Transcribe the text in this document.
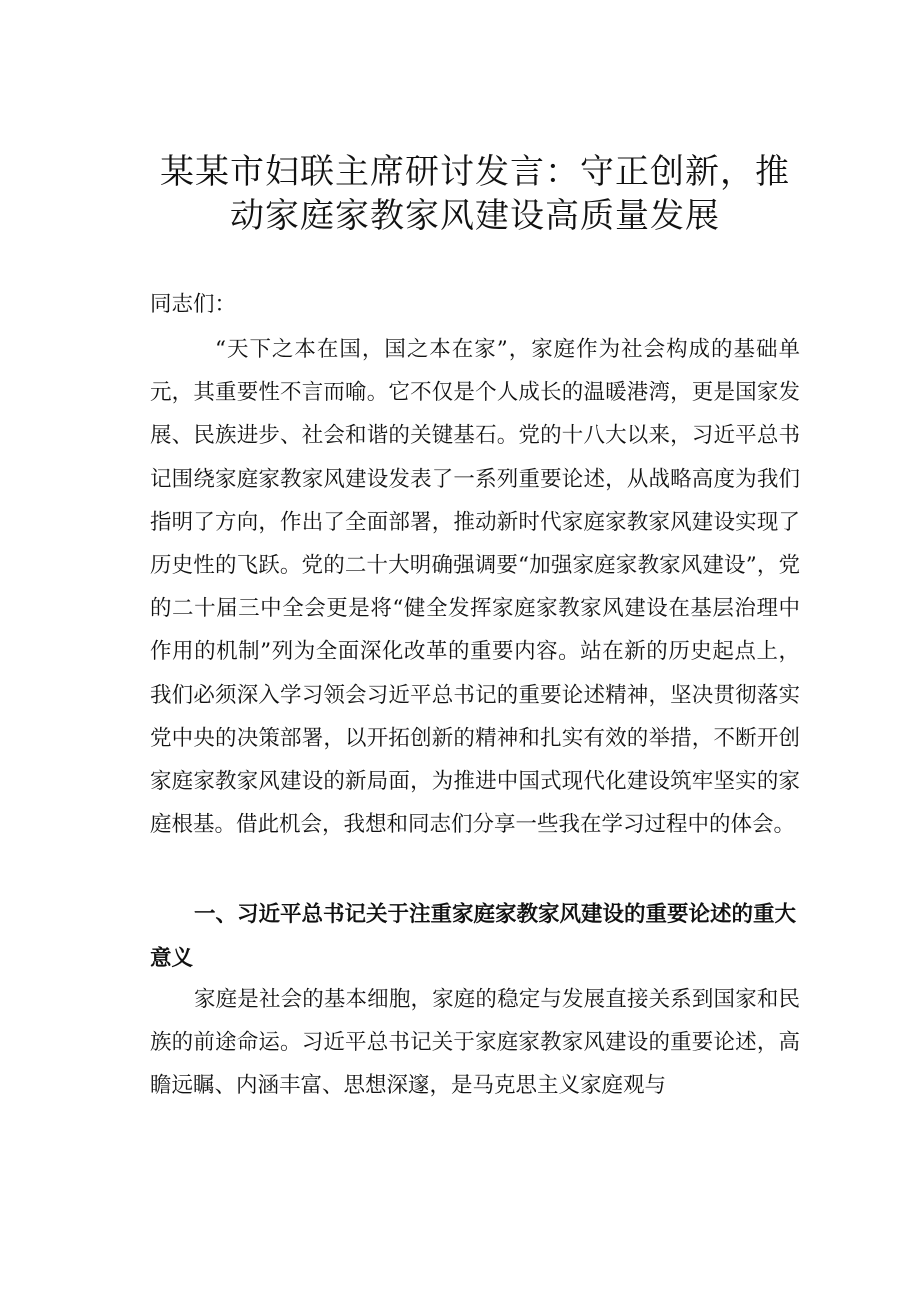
某某市妇联主席研讨发言：守正创新，推动家庭家教家风建设高质量发展

同志们：

“天下之本在国，国之本在家”，家庭作为社会构成的基础单元，其重要性不言而喻。它不仅是个人成长的温暖港湾，更是国家发展、民族进步、社会和谐的关键基石。党的十八大以来，习近平总书记围绕家庭家教家风建设发表了一系列重要论述，从战略高度为我们指明了方向，作出了全面部署，推动新时代家庭家教家风建设实现了历史性的飞跃。党的二十大明确强调要“加强家庭家教家风建设”，党的二十届三中全会更是将“健全发挥家庭家教家风建设在基层治理中作用的机制”列为全面深化改革的重要内容。站在新的历史起点上，我们必须深入学习领会习近平总书记的重要论述精神，坚决贯彻落实党中央的决策部署，以开拓创新的精神和扎实有效的举措，不断开创家庭家教家风建设的新局面，为推进中国式现代化建设筑牢坚实的家庭根基。借此机会，我想和同志们分享一些我在学习过程中的体会。

一、习近平总书记关于注重家庭家教家风建设的重要论述的重大意义

家庭是社会的基本细胞，家庭的稳定与发展直接关系到国家和民族的前途命运。习近平总书记关于家庭家教家风建设的重要论述，高瞻远瞩、内涵丰富、思想深邃，是马克思主义家庭观与
